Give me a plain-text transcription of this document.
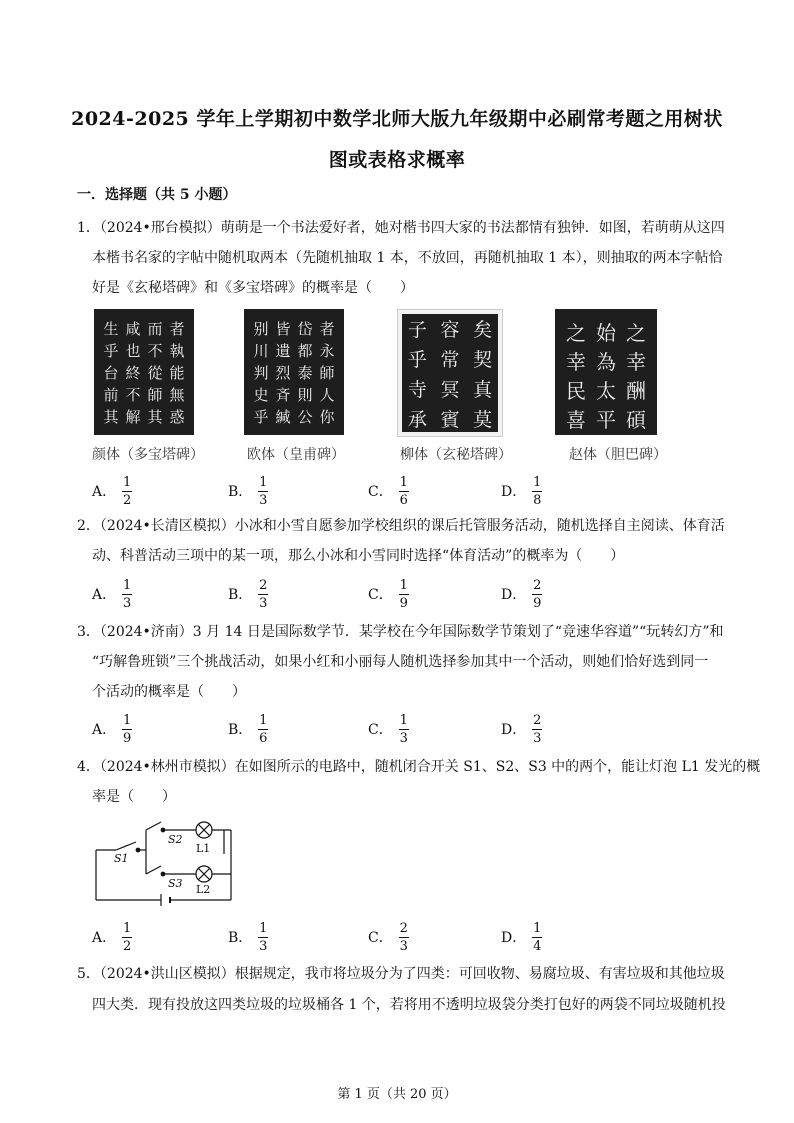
2024-2025 学年上学期初中数学北师大版九年级期中必刷常考题之用树状
图或表格求概率
一．选择题（共 5 小题）
1．（2024•邢台模拟）萌萌是一个书法爱好者，她对楷书四大家的书法都情有独钟．如图，若萌萌从这四
本楷书名家的字帖中随机取两本（先随机抽取 1 本，不放回，再随机抽取 1 本），则抽取的两本字帖恰
好是《玄秘塔碑》和《多宝塔碑》的概率是（　　）
生 咸 而 者
乎 也 不 執
台 終 從 能
前 不 師 無
其 解 其 惑
别 皆 岱 者
川 遺 都 永
判 烈 泰 師
史 斉 則 人
乎 緘 公 你
子 容 矣
乎 常 契
寺 冥 真
承 賓 莫
之 始 之
幸 為 幸
民 太 酬
喜 平 碩
颜体（多宝塔碑）	欧体（皇甫碑）	柳体（玄秘塔碑）	赵体（胆巴碑）
A． $\frac{1}{2}$	B． $\frac{1}{3}$	C． $\frac{1}{6}$	D． $\frac{1}{8}$
2．（2024•长清区模拟）小冰和小雪自愿参加学校组织的课后托管服务活动，随机选择自主阅读、体育活
动、科普活动三项中的某一项，那么小冰和小雪同时选择“体育活动”的概率为（　　）
A． $\frac{1}{3}$	B． $\frac{2}{3}$	C． $\frac{1}{9}$	D． $\frac{2}{9}$
3．（2024•济南）3 月 14 日是国际数学节．某学校在今年国际数学节策划了“竞速华容道”“玩转幻方”和
“巧解鲁班锁”三个挑战活动，如果小红和小丽每人随机选择参加其中一个活动，则她们恰好选到同一
个活动的概率是（　　）
A． $\frac{1}{9}$	B． $\frac{1}{6}$	C． $\frac{1}{3}$	D． $\frac{2}{3}$
4．（2024•林州市模拟）在如图所示的电路中，随机闭合开关 S1、S2、S3 中的两个，能让灯泡 L1 发光的概
率是（　　）
S1
S2
S3
L1
L2
A． $\frac{1}{2}$	B． $\frac{1}{3}$	C． $\frac{2}{3}$	D． $\frac{1}{4}$
5．（2024•洪山区模拟）根据规定，我市将垃圾分为了四类：可回收物、易腐垃圾、有害垃圾和其他垃圾
四大类．现有投放这四类垃圾的垃圾桶各 1 个，若将用不透明垃圾袋分类打包好的两袋不同垃圾随机投
第 1 页（共 20 页）
